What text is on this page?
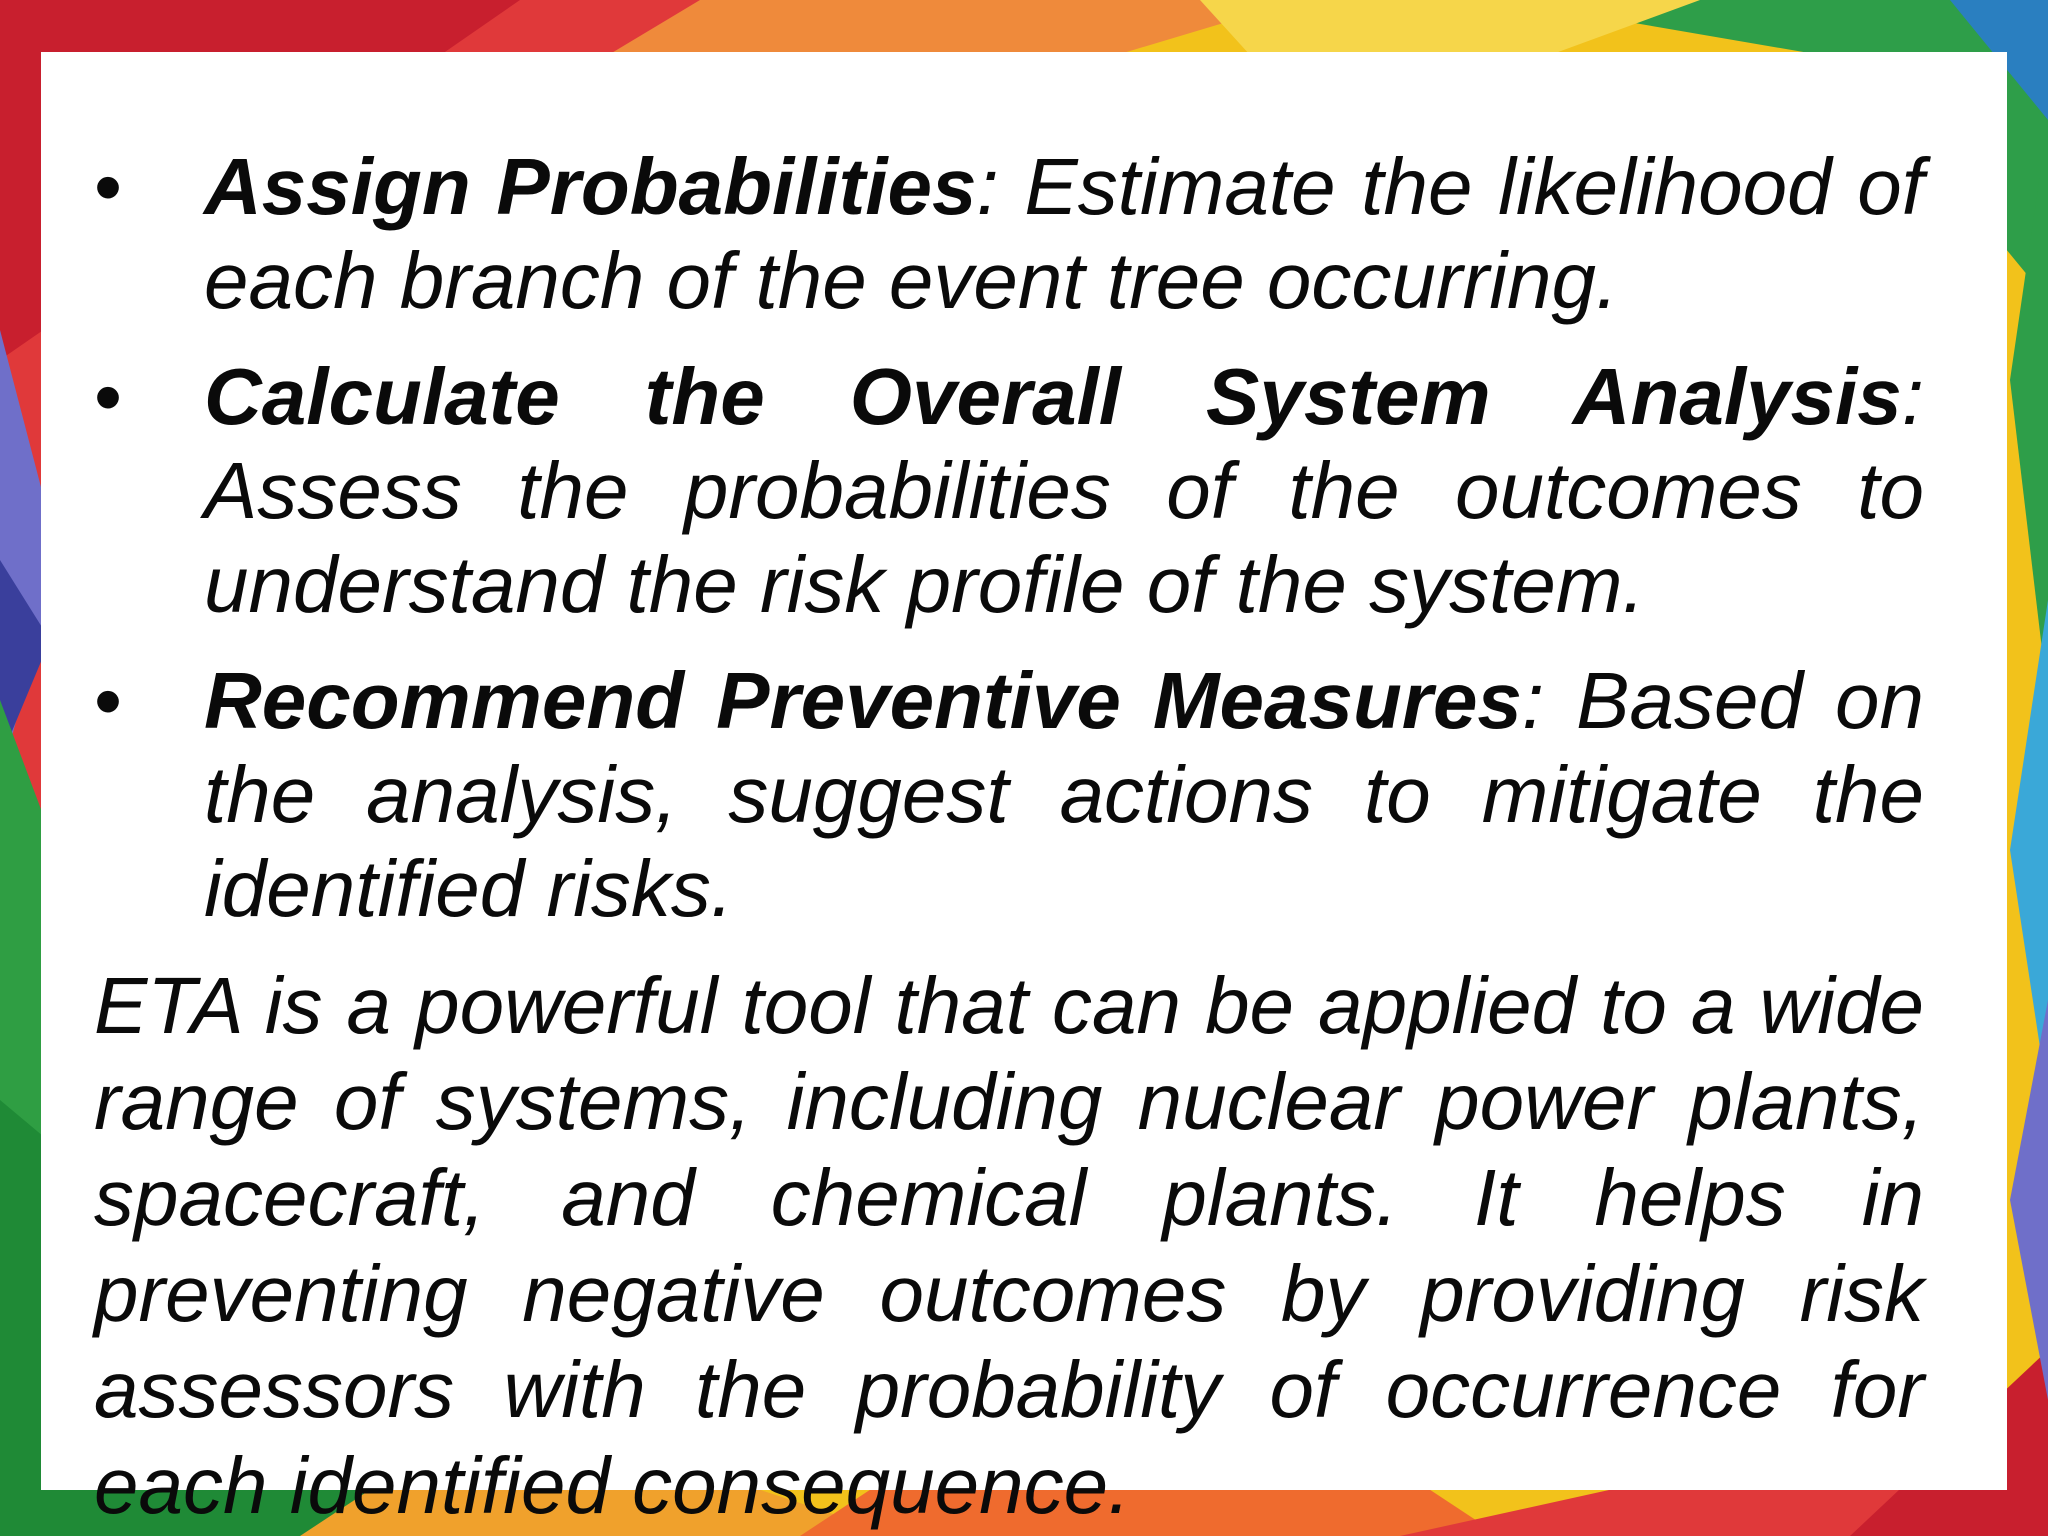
•	Assign Probabilities: Estimate the likelihood of each branch of the event tree occurring.
•	Calculate the Overall System Analysis: Assess the probabilities of the outcomes to understand the risk profile of the system.
•	Recommend Preventive Measures: Based on the analysis, suggest actions to mitigate the identified risks.

ETA is a powerful tool that can be applied to a wide range of systems, including nuclear power plants, spacecraft, and chemical plants. It helps in preventing negative outcomes by providing risk assessors with the probability of occurrence for each identified consequence.
